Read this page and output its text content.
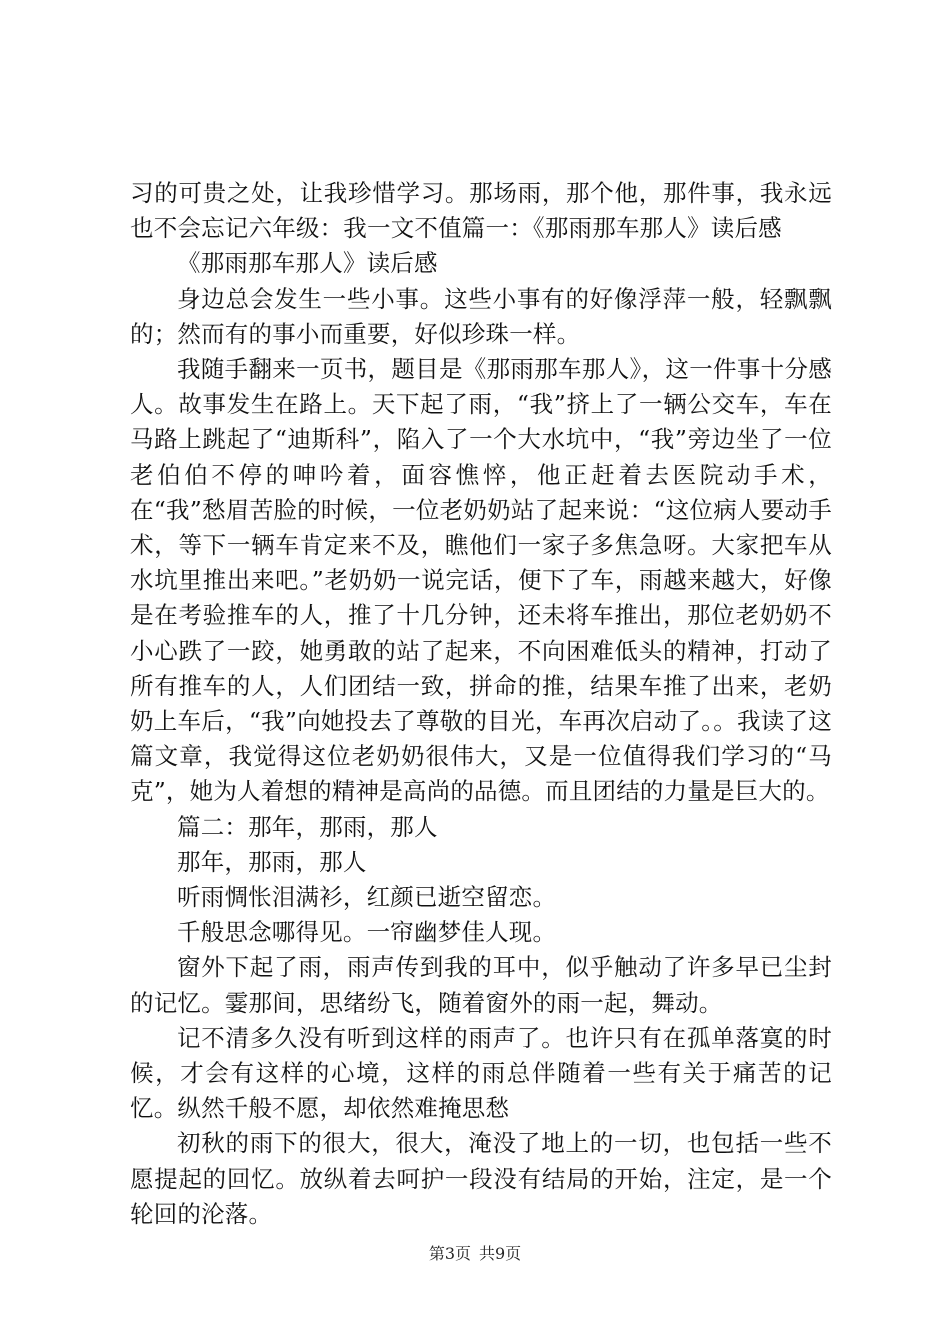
习的可贵之处，让我珍惜学习。那场雨，那个他，那件事，我永远也不会忘记六年级：我一文不值篇一：《那雨那车那人》读后感

《那雨那车那人》读后感

身边总会发生一些小事。这些小事有的好像浮萍一般，轻飘飘的；然而有的事小而重要，好似珍珠一样。

我随手翻来一页书，题目是《那雨那车那人》，这一件事十分感人。故事发生在路上。天下起了雨，“我”挤上了一辆公交车，车在马路上跳起了“迪斯科”，陷入了一个大水坑中，“我”旁边坐了一位老伯伯不停的呻吟着，面容憔悴，他正赶着去医院动手术，在“我”愁眉苦脸的时候，一位老奶奶站了起来说：“这位病人要动手术，等下一辆车肯定来不及，瞧他们一家子多焦急呀。大家把车从水坑里推出来吧。”老奶奶一说完话，便下了车，雨越来越大，好像是在考验推车的人，推了十几分钟，还未将车推出，那位老奶奶不小心跌了一跤，她勇敢的站了起来，不向困难低头的精神，打动了所有推车的人，人们团结一致，拼命的推，结果车推了出来，老奶奶上车后，“我”向她投去了尊敬的目光，车再次启动了。。我读了这篇文章，我觉得这位老奶奶很伟大，又是一位值得我们学习的“马克”，她为人着想的精神是高尚的品德。而且团结的力量是巨大的。

篇二：那年，那雨，那人

那年，那雨，那人

听雨惆怅泪满衫，红颜已逝空留恋。

千般思念哪得见。一帘幽梦佳人现。

窗外下起了雨，雨声传到我的耳中，似乎触动了许多早已尘封的记忆。霎那间，思绪纷飞，随着窗外的雨一起，舞动。

记不清多久没有听到这样的雨声了。也许只有在孤单落寞的时候，才会有这样的心境，这样的雨总伴随着一些有关于痛苦的记忆。纵然千般不愿，却依然难掩思愁

初秋的雨下的很大，很大，淹没了地上的一切，也包括一些不愿提起的回忆。放纵着去呵护一段没有结局的开始，注定，是一个轮回的沦落。

第3页 共9页
